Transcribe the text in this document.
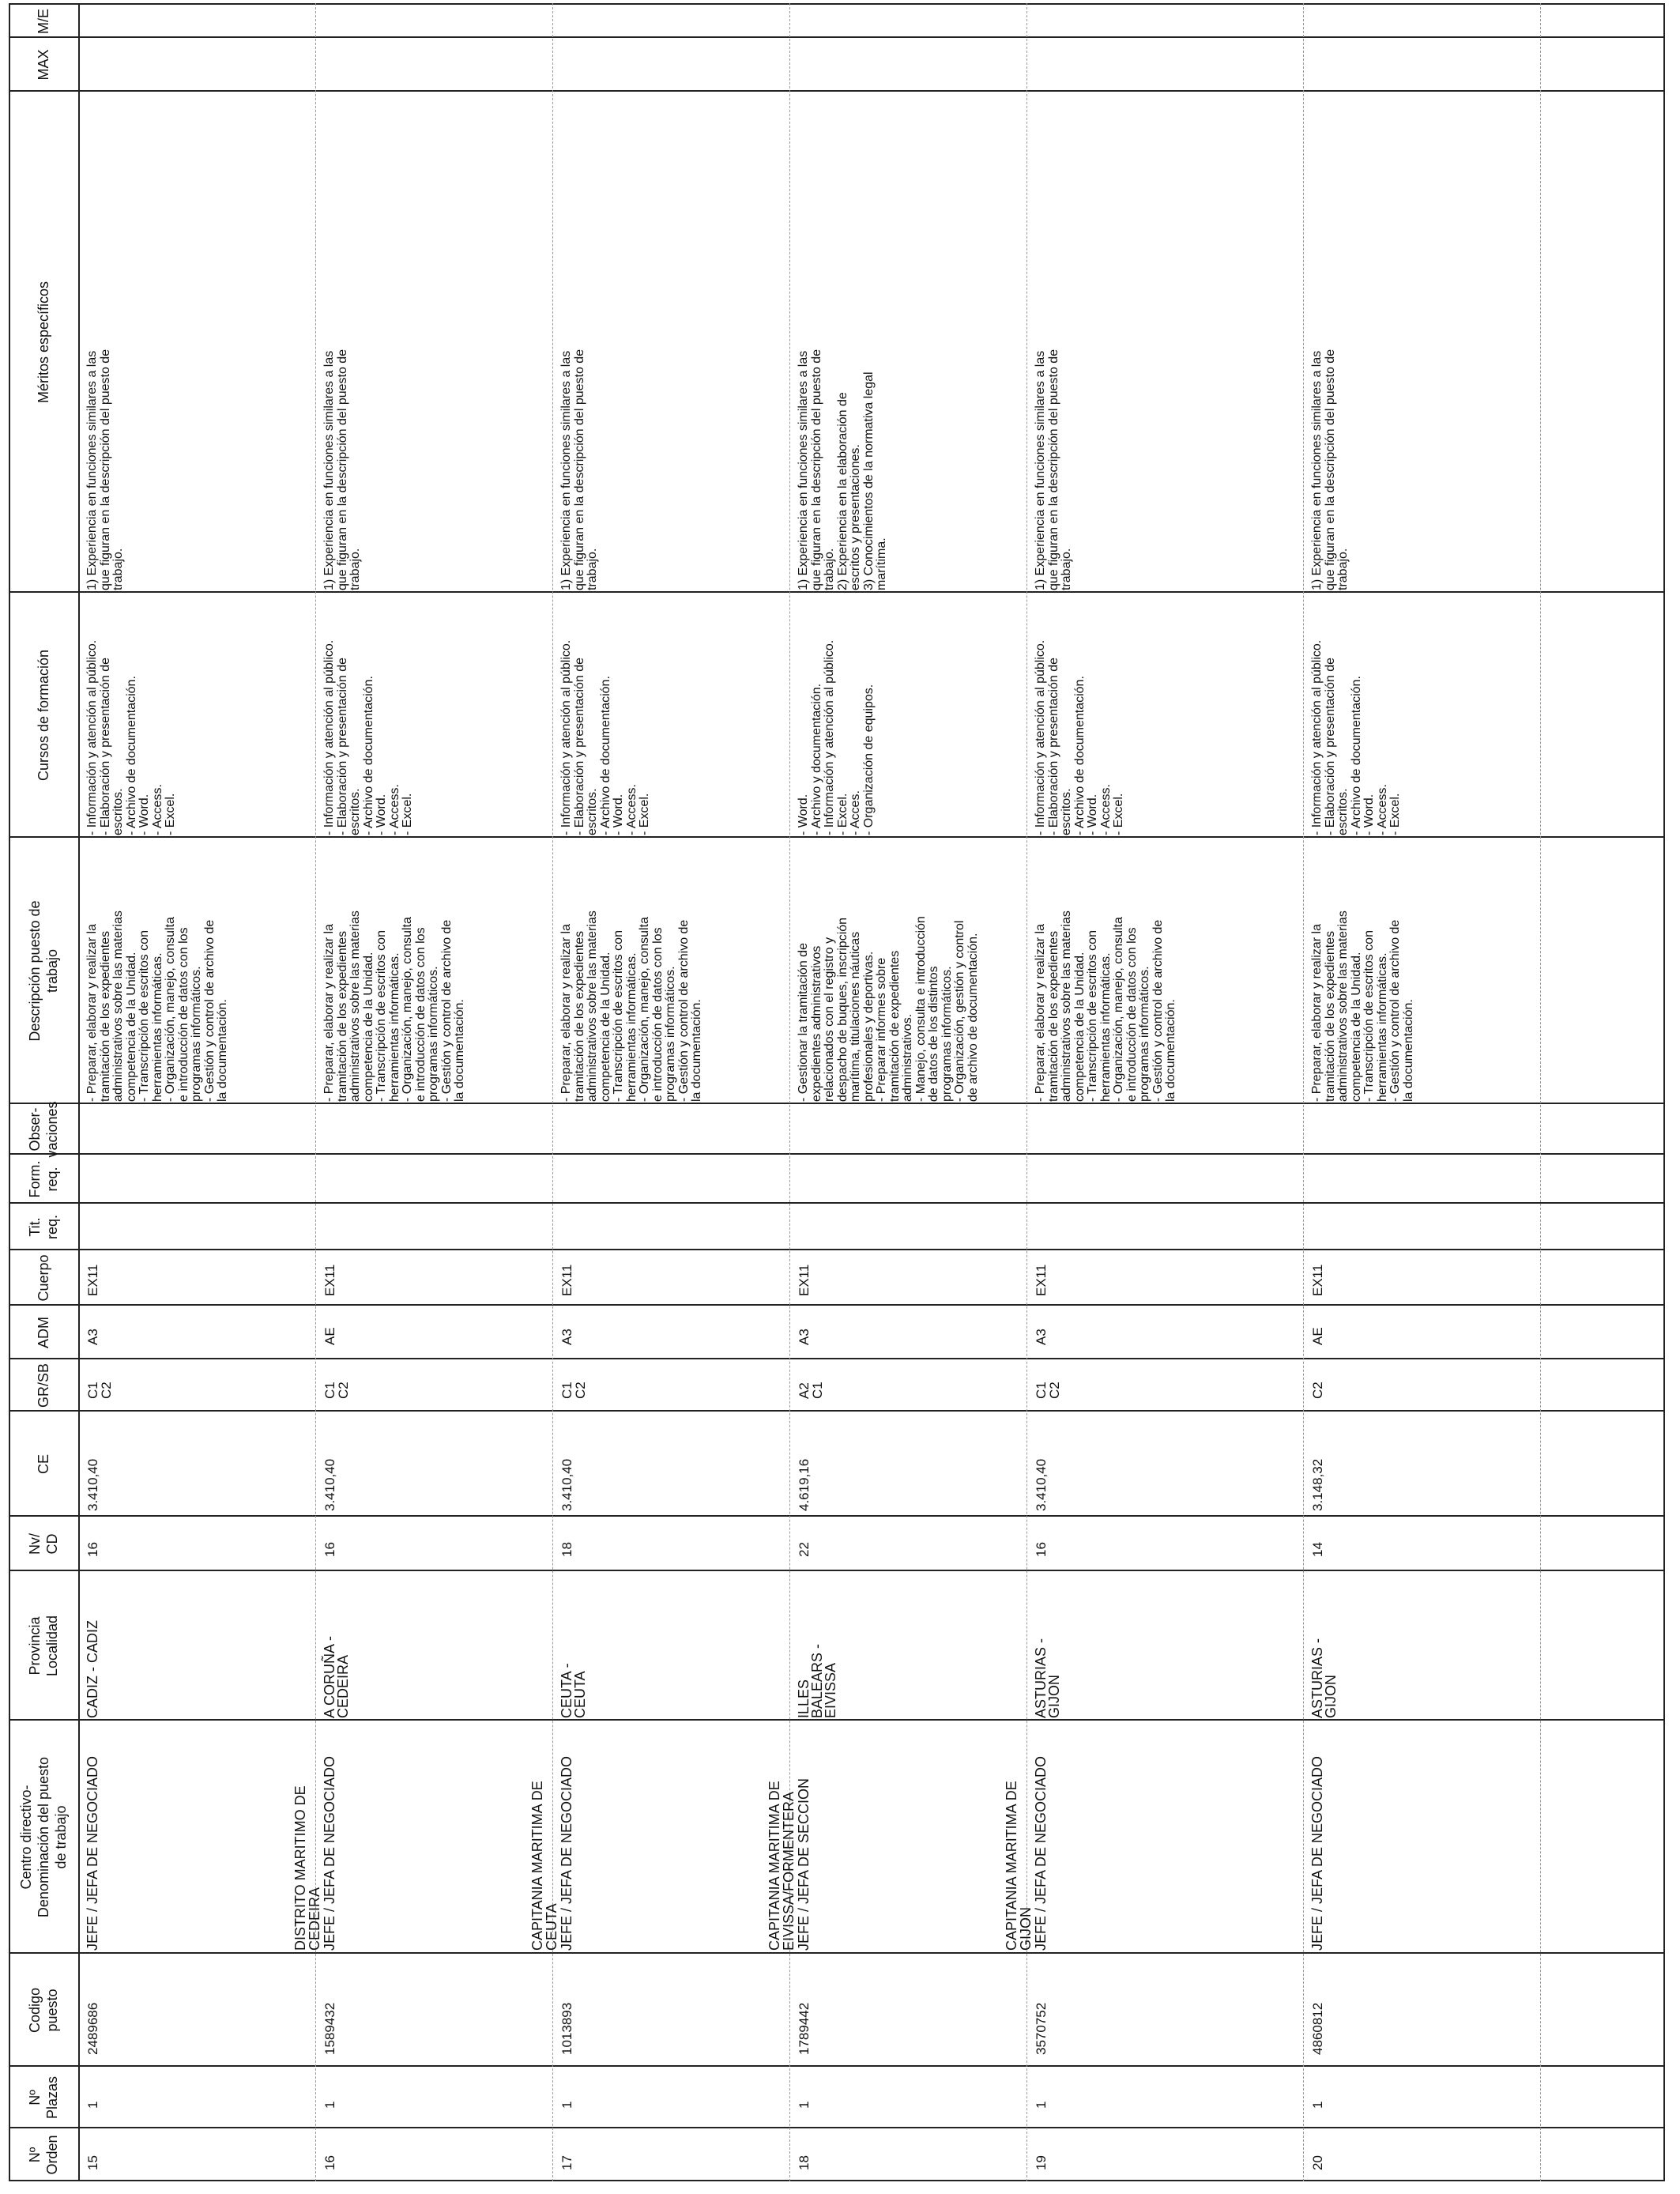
Nº
Orden
Nº
Plazas
Codigo
puesto
Centro directivo-
Denominación del puesto
de trabajo
Provincia
Localidad
Nv/
CD
CE
GR/SB
ADM
Cuerpo
Tit.
req.
Form.
req.
Obser-
vaciones
Descripción puesto de
trabajo
Cursos de formación
Méritos específicos
MAX
M/E
15
1
2489686
JEFE / JEFA DE NEGOCIADO
CADIZ - CADIZ
16
3.410,40
C1
C2
A3
EX11
- Preparar, elaborar y realizar la tramitación de los expedientes administrativos sobre las materias competencia de la Unidad. - Transcripción de escritos con herramientas informáticas. - Organización, manejo, consulta e introducción de datos con los programas informáticos. - Gestión y control de archivo de la documentación.
- Información y atención al público. - Elaboración y presentación de escritos. - Archivo de documentación. - Word. - Access. - Excel.
1) Experiencia en funciones similares a las que figuran en la descripción del puesto de trabajo.
16
1
1589432
DISTRITO MARITIMO DE
CEDEIRA JEFE / JEFA DE NEGOCIADO
A CORUÑA -
CEDEIRA
16
3.410,40
C1
C2
AE
EX11
- Preparar, elaborar y realizar la tramitación de los expedientes administrativos sobre las materias competencia de la Unidad. - Transcripción de escritos con herramientas informáticas. - Organización, manejo, consulta e introducción de datos con los programas informáticos. - Gestión y control de archivo de la documentación.
- Información y atención al público. - Elaboración y presentación de escritos. - Archivo de documentación. - Word. - Access. - Excel.
1) Experiencia en funciones similares a las que figuran en la descripción del puesto de trabajo.
17
1
1013893
CAPITANIA MARITIMA DE
CEUTA JEFE / JEFA DE NEGOCIADO
CEUTA -
CEUTA
18
3.410,40
C1
C2
A3
EX11
- Preparar, elaborar y realizar la tramitación de los expedientes administrativos sobre las materias competencia de la Unidad. - Transcripción de escritos con herramientas informáticas. - Organización, manejo, consulta e introducción de datos con los programas informáticos. - Gestión y control de archivo de la documentación.
- Información y atención al público. - Elaboración y presentación de escritos. - Archivo de documentación. - Word. - Access. - Excel.
1) Experiencia en funciones similares a las que figuran en la descripción del puesto de trabajo.
18
1
1789442
CAPITANIA MARITIMA DE
EIVISSA/FORMENTERA JEFE / JEFA DE SECCION
ILLES
BALEARS -
EIVISSA
22
4.619,16
A2
C1
A3
EX11
- Gestionar la tramitación de expedientes administrativos relacionados con el registro y despacho de buques, inscripción marítima, titulaciones náuticas profesionales y deportivas. - Preparar informes sobre tramitación de expedientes administrativos. - Manejo, consulta e introducción de datos de los distintos programas informáticos. - Organización, gestión y control de archivo de documentación.
- Word. - Archivo y documentación. - Información y atención al público. - Excel. - Acces. - Organización de equipos.
1) Experiencia en funciones similares a las que figuran en la descripción del puesto de trabajo. 2) Experiencia en la elaboración de escritos y presentaciones. 3) Conocimientos de la normativa legal marítima.
19
1
3570752
CAPITANIA MARITIMA DE
GIJON JEFE / JEFA DE NEGOCIADO
ASTURIAS -
GIJON
16
3.410,40
C1
C2
A3
EX11
- Preparar, elaborar y realizar la tramitación de los expedientes administrativos sobre las materias competencia de la Unidad. - Transcripción de escritos con herramientas informáticas. - Organización, manejo, consulta e introducción de datos con los programas informáticos. - Gestión y control de archivo de la documentación.
- Información y atención al público. - Elaboración y presentación de escritos. - Archivo de documentación. - Word. - Access. - Excel.
1) Experiencia en funciones similares a las que figuran en la descripción del puesto de trabajo.
20
1
4860812
JEFE / JEFA DE NEGOCIADO
ASTURIAS -
GIJON
14
3.148,32
C2
AE
EX11
- Preparar, elaborar y realizar la tramitación de los expedientes administrativos sobre las materias competencia de la Unidad. - Transcripción de escritos con herramientas informáticas. - Gestión y control de archivo de la documentación.
- Información y atención al público. - Elaboración y presentación de escritos. - Archivo de documentación. - Word. - Access. - Excel.
1) Experiencia en funciones similares a las que figuran en la descripción del puesto de trabajo.
